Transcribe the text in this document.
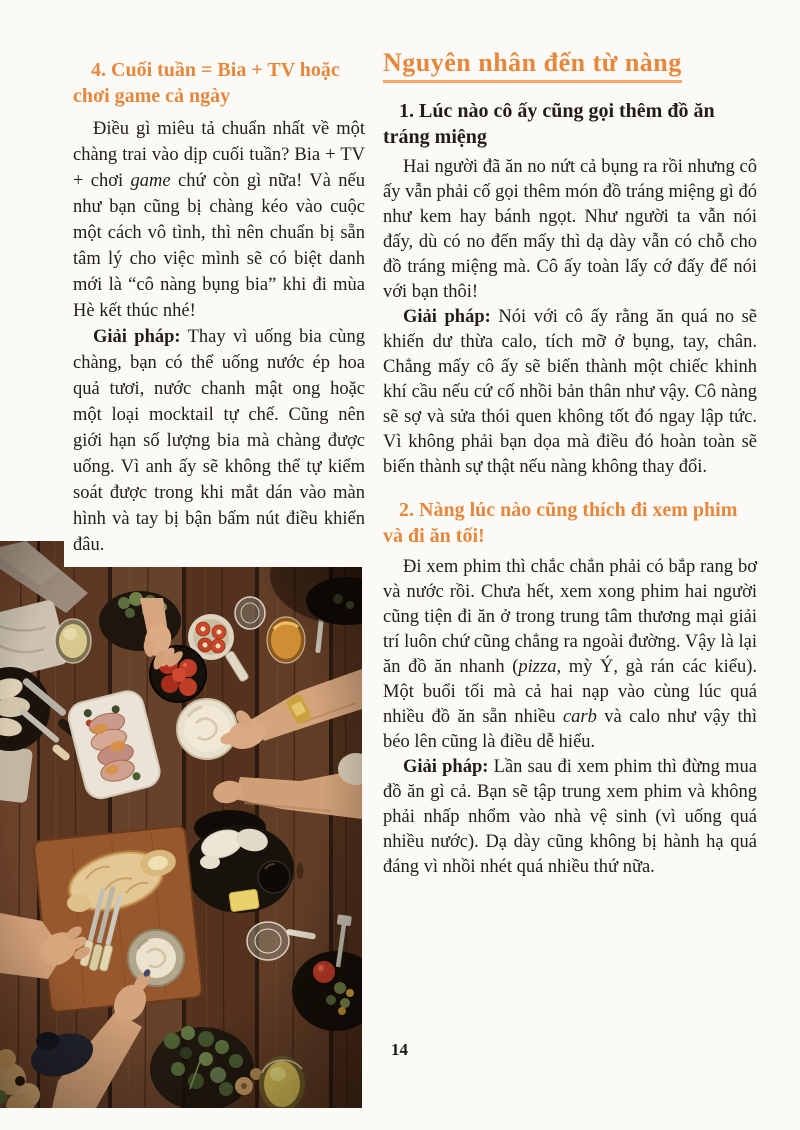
4. Cuối tuần = Bia + TV hoặc chơi game cả ngày

Điều gì miêu tả chuẩn nhất về một chàng trai vào dịp cuối tuần? Bia + TV + chơi game chứ còn gì nữa! Và nếu như bạn cũng bị chàng kéo vào cuộc một cách vô tình, thì nên chuẩn bị sẵn tâm lý cho việc mình sẽ có biệt danh mới là “cô nàng bụng bia” khi đi mùa Hè kết thúc nhé!

Giải pháp: Thay vì uống bia cùng chàng, bạn có thể uống nước ép hoa quả tươi, nước chanh mật ong hoặc một loại mocktail tự chế. Cũng nên giới hạn số lượng bia mà chàng được uống. Vì anh ấy sẽ không thể tự kiểm soát được trong khi mắt dán vào màn hình và tay bị bận bấm nút điều khiển đâu.

Nguyên nhân đến từ nàng
1. Lúc nào cô ấy cũng gọi thêm đồ ăn tráng miệng

Hai người đã ăn no nứt cả bụng ra rồi nhưng cô ấy vẫn phải cố gọi thêm món đồ tráng miệng gì đó như kem hay bánh ngọt. Như người ta vẫn nói đấy, dù có no đến mấy thì dạ dày vẫn có chỗ cho đồ tráng miệng mà. Cô ấy toàn lấy cớ đấy để nói với bạn thôi!

Giải pháp: Nói với cô ấy rằng ăn quá no sẽ khiến dư thừa calo, tích mỡ ở bụng, tay, chân. Chẳng mấy cô ấy sẽ biến thành một chiếc khinh khí cầu nếu cứ cố nhồi bản thân như vậy. Cô nàng sẽ sợ và sửa thói quen không tốt đó ngay lập tức. Vì không phải bạn dọa mà điều đó hoàn toàn sẽ biến thành sự thật nếu nàng không thay đổi.

2. Nàng lúc nào cũng thích đi xem phim và đi ăn tối!

Đi xem phim thì chắc chắn phải có bắp rang bơ và nước rồi. Chưa hết, xem xong phim hai người cũng tiện đi ăn ở trong trung tâm thương mại giải trí luôn chứ cũng chẳng ra ngoài đường. Vậy là lại ăn đồ ăn nhanh (pizza, mỳ Ý, gà rán các kiểu). Một buổi tối mà cả hai nạp vào cùng lúc quá nhiều đồ ăn sẵn nhiều carb và calo như vậy thì béo lên cũng là điều dễ hiểu.

Giải pháp: Lần sau đi xem phim thì đừng mua đồ ăn gì cả. Bạn sẽ tập trung xem phim và không phải nhấp nhổm vào nhà vệ sinh (vì uống quá nhiều nước). Dạ dày cũng không bị hành hạ quá đáng vì nhồi nhét quá nhiều thứ nữa.

14
